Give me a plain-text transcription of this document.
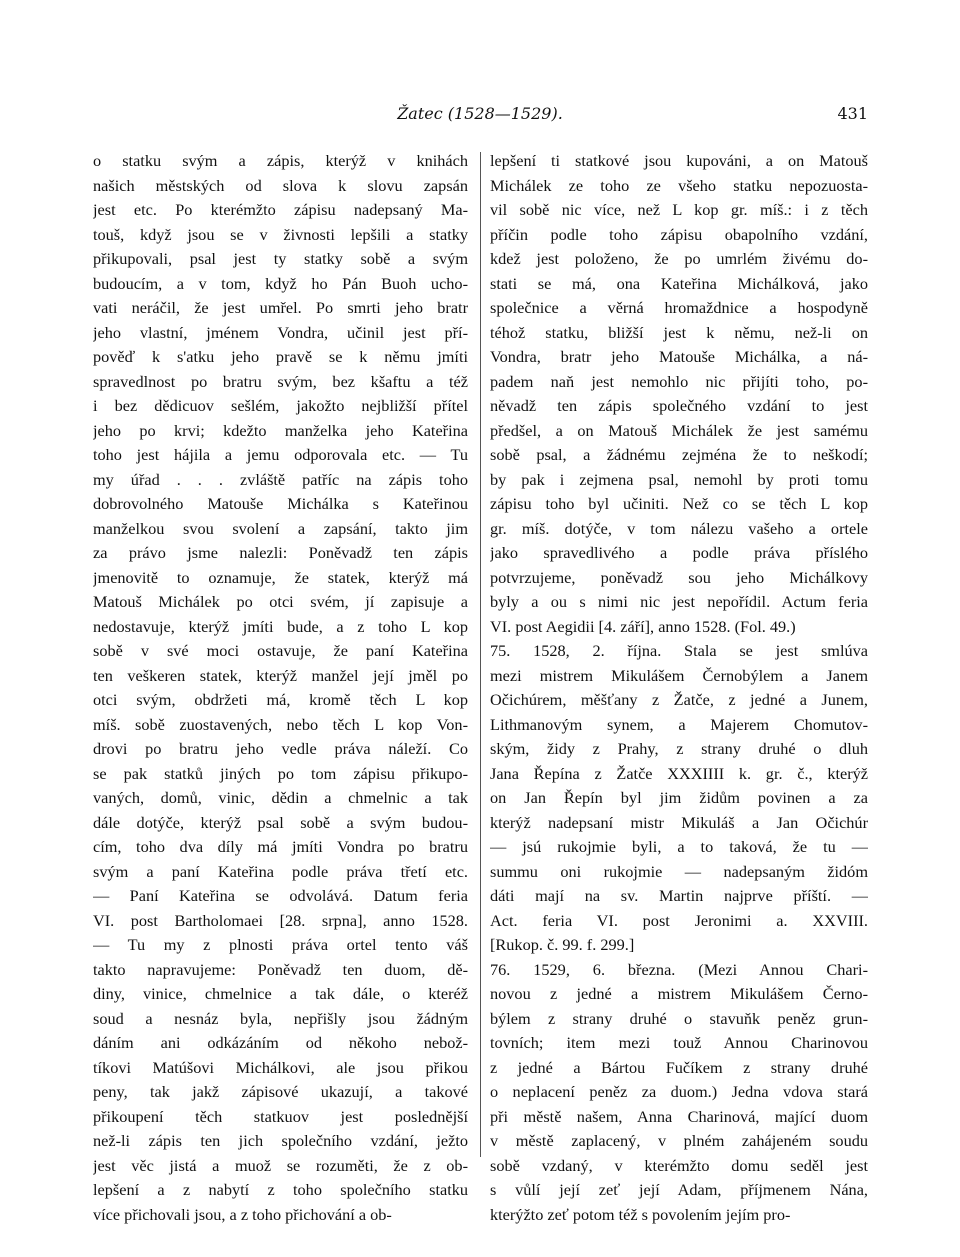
Žatec (1528—1529).	431
o statku svým a zápis, kterýž v knihách
našich městských od slova k slovu zapsán
jest etc. Po kterémžto zápisu nadepsaný Ma-
touš, když jsou se v živnosti lepšili a statky
přikupovali, psal jest ty statky sobě a svým
budoucím, a v tom, když ho Pán Buoh ucho-
vati neráčil, že jest umřel. Po smrti jeho bratr
jeho vlastní, jménem Vondra, učinil jest pří-
pověď k s'atku jeho pravě se k němu jmíti
spravedlnost po bratru svým, bez kšaftu a též
i bez dědicuov sešlém, jakožto nejbližší přítel
jeho po krvi; kdežto manželka jeho Kateřina
toho jest hájila a jemu odporovala etc. — Tu
my úřad . . . zvláště patříc na zápis toho
dobrovolného Matouše Michálka s Kateřinou
manželkou svou svolení a zapsání, takto jim
za právo jsme nalezli: Poněvadž ten zápis
jmenovitě to oznamuje, že statek, kterýž má
Matouš Michálek po otci svém, jí zapisuje a
nedostavuje, kterýž jmíti bude, a z toho L kop
sobě v své moci ostavuje, že paní Kateřina
ten veškeren statek, kterýž manžel její jměl po
otci svým, obdržeti má, kromě těch L kop
míš. sobě zuostavených, nebo těch L kop Von-
drovi po bratru jeho vedle práva náleží. Co
se pak statků jiných po tom zápisu přikupo-
vaných, domů, vinic, dědin a chmelnic a tak
dále dotýče, kterýž psal sobě a svým budou-
cím, toho dva díly má jmíti Vondra po bratru
svým a paní Kateřina podle práva třetí etc.
— Paní Kateřina se odvolává. Datum feria
VI. post Bartholomaei [28. srpna], anno 1528.
— Tu my z plnosti práva ortel tento váš
takto napravujeme: Poněvadž ten duom, dě-
diny, vinice, chmelnice a tak dále, o kteréž
soud a nesnáz byla, nepřišly jsou žádným
dáním ani odkázáním od někoho nebož-
tíkovi Matúšovi Michálkovi, ale jsou přikou
peny, tak jakž zápisové ukazují, a takové
přikoupení těch statkuov jest poslednější
než-li zápis ten jich společního vzdání, ježto
jest věc jistá a muož se rozuměti, že z ob-
lepšení a z nabytí z toho společního statku
více přichovali jsou, a z toho přichování a ob-
lepšení ti statkové jsou kupováni, a on Matouš
Michálek ze toho ze všeho statku nepozuosta-
vil sobě nic více, než L kop gr. míš.: i z těch
příčin podle toho zápisu obapolního vzdání,
kdež jest položeno, že po umrlém živému do-
stati se má, ona Kateřina Michálková, jako
společnice a věrná hromaždnice a hospodyně
téhož statku, bližší jest k němu, než-li on
Vondra, bratr jeho Matouše Michálka, a ná-
padem naň jest nemohlo nic přijíti toho, po-
něvadž ten zápis společného vzdání to jest
předšel, a on Matouš Michálek že jest samému
sobě psal, a žádnému zejména že to neškodí;
by pak i zejmena psal, nemohl by proti tomu
zápisu toho byl učiniti. Než co se těch L kop
gr. míš. dotýče, v tom nálezu vašeho a ortele
jako spravedlivého a podle práva příslého
potvrzujeme, poněvadž sou jeho Michálkovy
byly a ou s nimi nic jest nepořídil. Actum feria
VI. post Aegidii [4. září], anno 1528. (Fol. 49.)
75. 1528, 2. října. Stala se jest smlúva
mezi mistrem Mikulášem Černobýlem a Janem
Očichúrem, měšťany z Žatče, z jedné a Junem,
Lithmanovým synem, a Majerem Chomutov-
ským, židy z Prahy, z strany druhé o dluh
Jana Řepína z Žatče XXXIIII k. gr. č., kterýž
on Jan Řepín byl jim židům povinen a za
kterýž nadepsaní mistr Mikuláš a Jan Očichúr
— jsú rukojmie byli, a to taková, že tu —
summu oni rukojmie — nadepsaným židóm
dáti mají na sv. Martin najprve příští. —
Act. feria VI. post Jeronimi a. XXVIII.
[Rukop. č. 99. f. 299.]
76. 1529, 6. března. (Mezi Annou Chari-
novou z jedné a mistrem Mikulášem Černo-
býlem z strany druhé o stavuňk peněz grun-
tovních; item mezi touž Annou Charinovou
z jedné a Bártou Fučíkem z strany druhé
o neplacení peněz za duom.) Jedna vdova stará
při městě našem, Anna Charinová, mající duom
v městě zaplacený, v plném zahájeném soudu
sobě vzdaný, v kterémžto domu seděl jest
s vůlí její zeť její Adam, příjmenem Nána,
kterýžto zeť potom též s povolením jejím pro-
